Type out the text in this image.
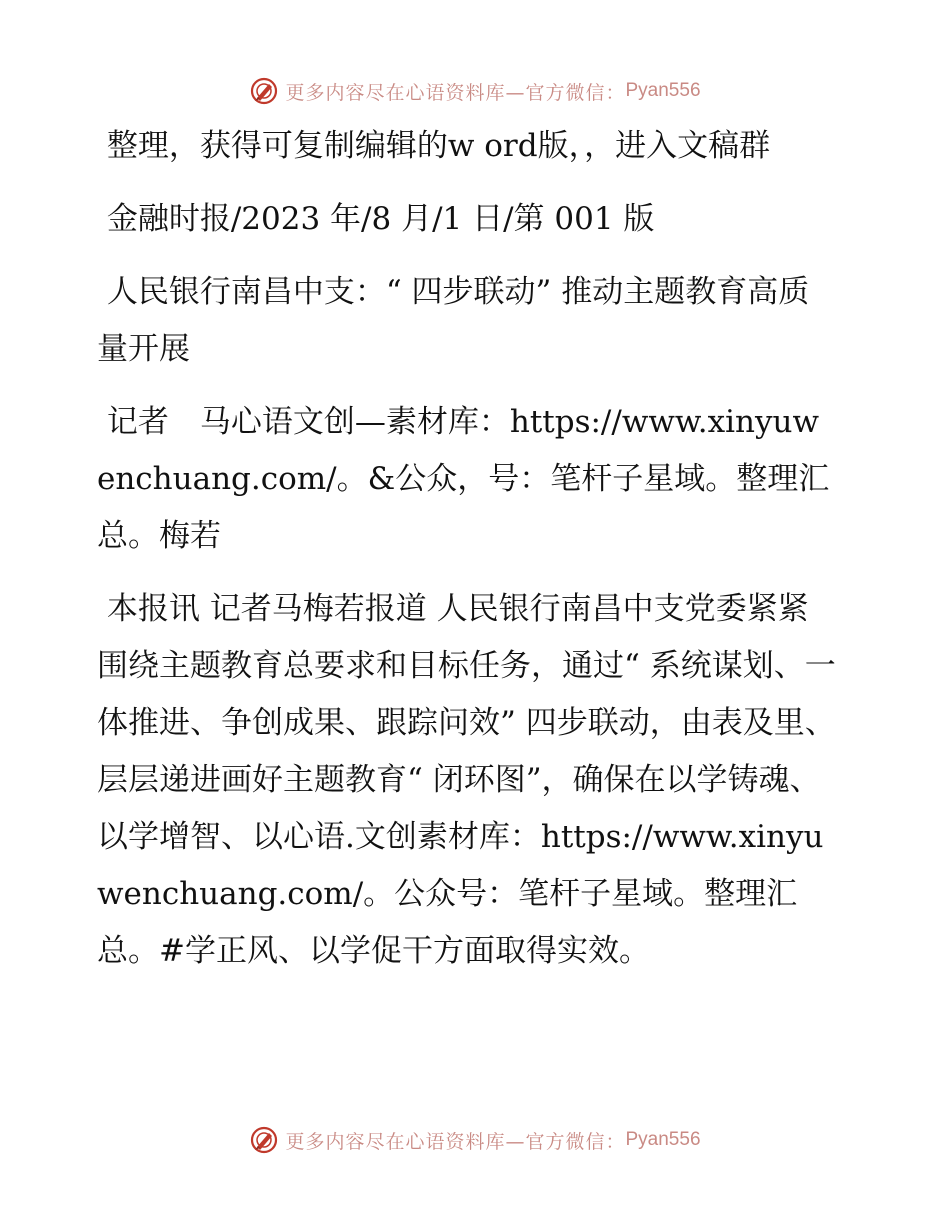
更多内容尽在心语资料库—官方微信： Pyan556

整理，获得可复制编辑的w ord版，，进入文稿群

金融时报/2023 年/8 月/1 日/第 001 版

人民银行南昌中支：“ 四步联动” 推动主题教育高质量开展

记者　马心语文创—素材库：https://www.xinyuwenchuang.com/。&公众，号：笔杆子星域。整理汇总。梅若

本报讯 记者马梅若报道 人民银行南昌中支党委紧紧围绕主题教育总要求和目标任务，通过“ 系统谋划、一体推进、争创成果、跟踪问效” 四步联动，由表及里、层层递进画好主题教育“ 闭环图”，确保在以学铸魂、以学增智、以心语.文创素材库：https://www.xinyuwenchuang.com/。公众号：笔杆子星域。整理汇总。#学正风、以学促干方面取得实效。

更多内容尽在心语资料库—官方微信： Pyan556
